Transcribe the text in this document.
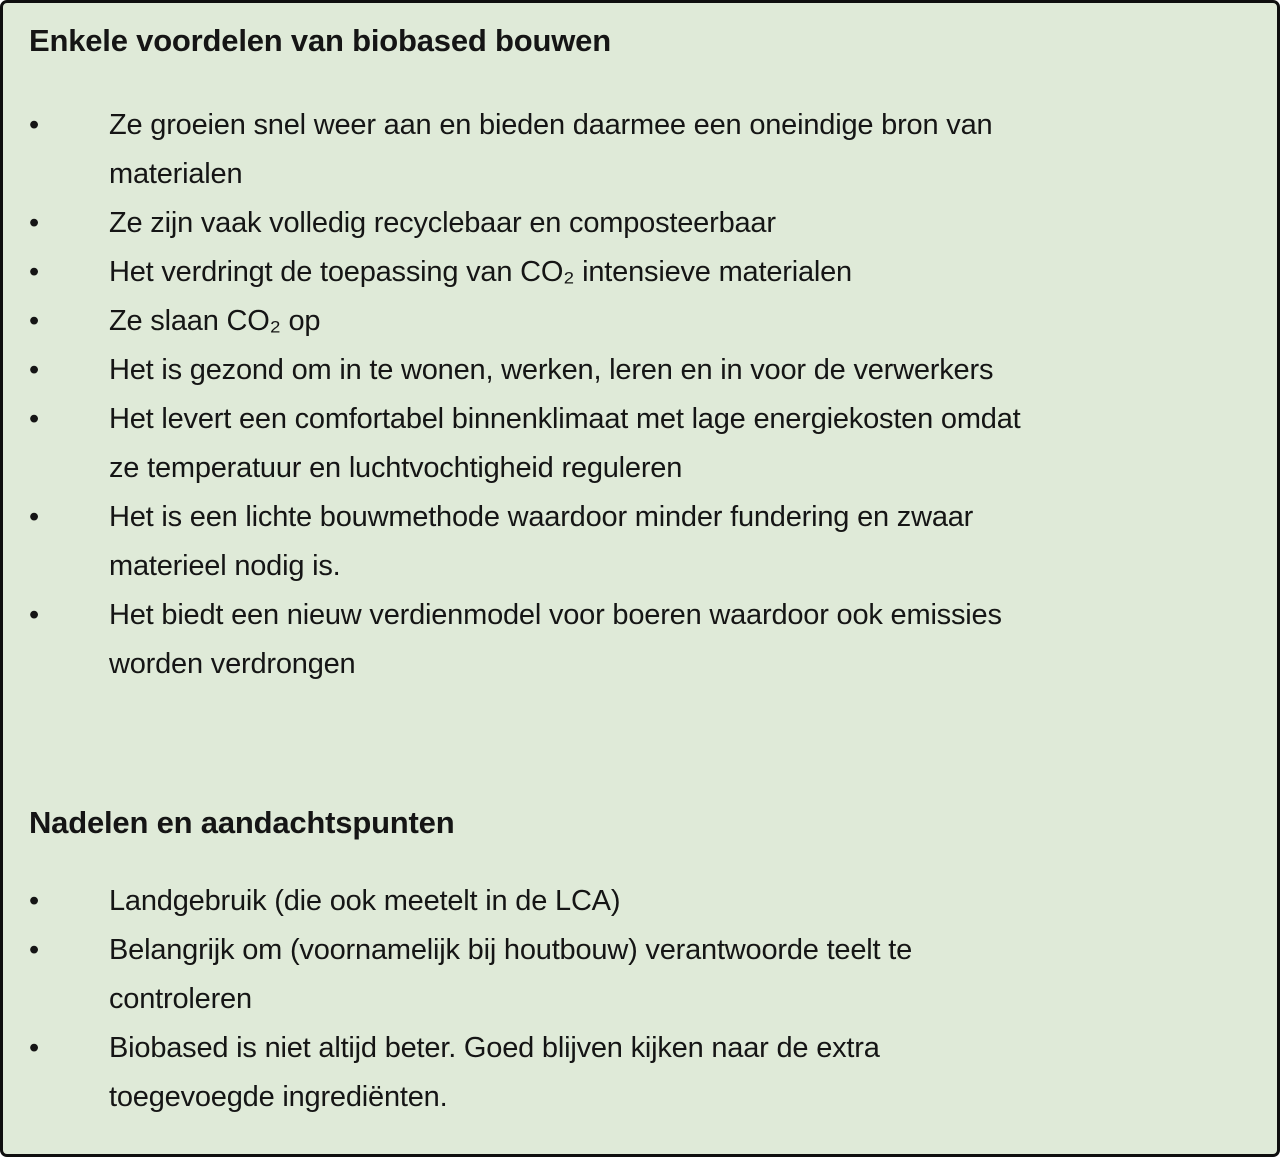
Enkele voordelen van biobased bouwen
•	Ze groeien snel weer aan en bieden daarmee een oneindige bron van
materialen
•	Ze zijn vaak volledig recyclebaar en composteerbaar
•	Het verdringt de toepassing van CO₂ intensieve materialen
•	Ze slaan CO₂ op
•	Het is gezond om in te wonen, werken, leren en in voor de verwerkers
•	Het levert een comfortabel binnenklimaat met lage energiekosten omdat
ze temperatuur en luchtvochtigheid reguleren
•	Het is een lichte bouwmethode waardoor minder fundering en zwaar
materieel nodig is.
•	Het biedt een nieuw verdienmodel voor boeren waardoor ook emissies
worden verdrongen
Nadelen en aandachtspunten
•	Landgebruik (die ook meetelt in de LCA)
•	Belangrijk om (voornamelijk bij houtbouw) verantwoorde teelt te
controleren
•	Biobased is niet altijd beter. Goed blijven kijken naar de extra
toegevoegde ingrediënten.
